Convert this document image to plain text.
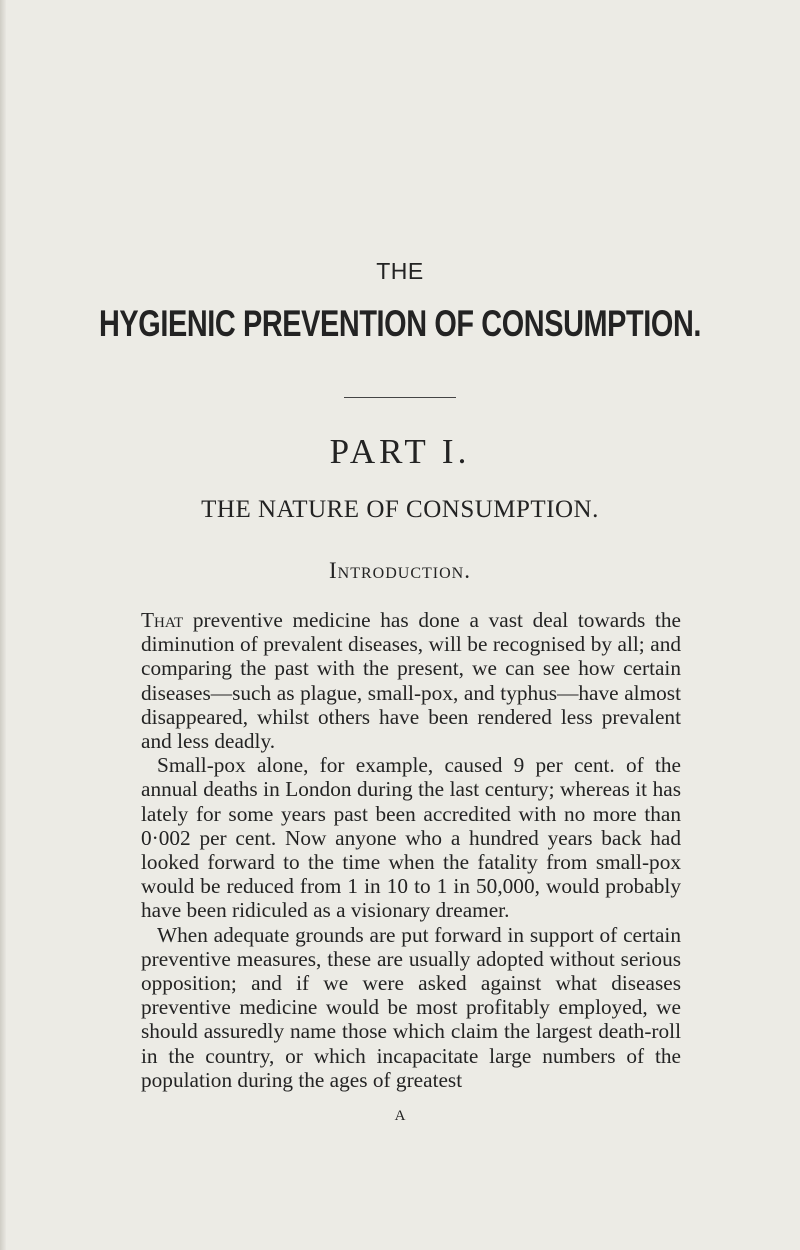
THE
HYGIENIC PREVENTION OF CONSUMPTION.
PART I.
THE NATURE OF CONSUMPTION.
Introduction.

That preventive medicine has done a vast deal towards the diminution of prevalent diseases, will be recognised by all; and comparing the past with the present, we can see how certain diseases—such as plague, small-pox, and typhus—have almost disappeared, whilst others have been rendered less prevalent and less deadly.

Small-pox alone, for example, caused 9 per cent. of the annual deaths in London during the last century; whereas it has lately for some years past been accredited with no more than 0·002 per cent. Now anyone who a hundred years back had looked forward to the time when the fatality from small-pox would be reduced from 1 in 10 to 1 in 50,000, would probably have been ridiculed as a visionary dreamer.

When adequate grounds are put forward in support of certain preventive measures, these are usually adopted without serious opposition; and if we were asked against what diseases preventive medicine would be most profitably employed, we should assuredly name those which claim the largest death-roll in the country, or which incapacitate large numbers of the population during the ages of greatest

A
